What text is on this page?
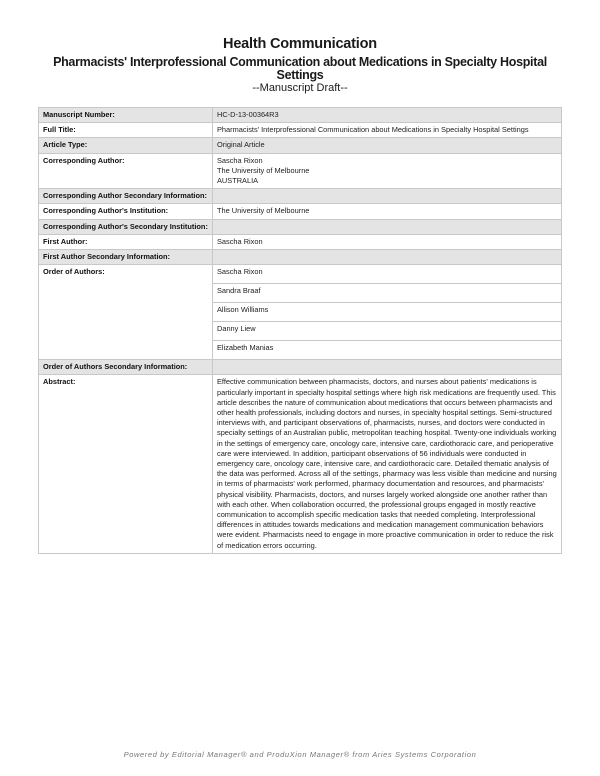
Health Communication
Pharmacists' Interprofessional Communication about Medications in Specialty Hospital Settings
--Manuscript Draft--
Manuscript Number:	HC-D-13-00364R3
Full Title:	Pharmacists' Interprofessional Communication about Medications in Specialty Hospital Settings
Article Type:	Original Article
Corresponding Author:	Sascha Rixon
The University of Melbourne
AUSTRALIA

Corresponding Author Secondary Information:	
Corresponding Author's Institution:	The University of Melbourne
Corresponding Author's Secondary Institution:	
First Author:	Sascha Rixon
First Author Secondary Information:	
Order of Authors:	Sascha Rixon
	Sandra Braaf
	Allison Williams
	Danny Liew
	Elizabeth Manias
Order of Authors Secondary Information:	
Abstract:	Effective communication between pharmacists, doctors, and nurses about patients' medications is particularly important in specialty hospital settings where high risk medications are frequently used. This article describes the nature of communication about medications that occurs between pharmacists and other health professionals, including doctors and nurses, in specialty hospital settings. Semi-structured interviews with, and participant observations of, pharmacists, nurses, and doctors were conducted in specialty settings of an Australian public, metropolitan teaching hospital. Twenty-one individuals working in the settings of emergency care, oncology care, intensive care, cardiothoracic care, and perioperative care were interviewed. In addition, participant observations of 56 individuals were conducted in emergency care, oncology care, intensive care, and cardiothoracic care. Detailed thematic analysis of the data was performed. Across all of the settings, pharmacy was less visible than medicine and nursing in terms of pharmacists' work performed, pharmacy documentation and resources, and pharmacists' physical visibility. Pharmacists, doctors, and nurses largely worked alongside one another rather than with each other. When collaboration occurred, the professional groups engaged in mostly reactive communication to accomplish specific medication tasks that needed completing. Interprofessional differences in attitudes towards medications and medication management communication behaviors were evident. Pharmacists need to engage in more proactive communication in order to reduce the risk of medication errors occurring.
Powered by Editorial Manager® and ProduXion Manager® from Aries Systems Corporation
